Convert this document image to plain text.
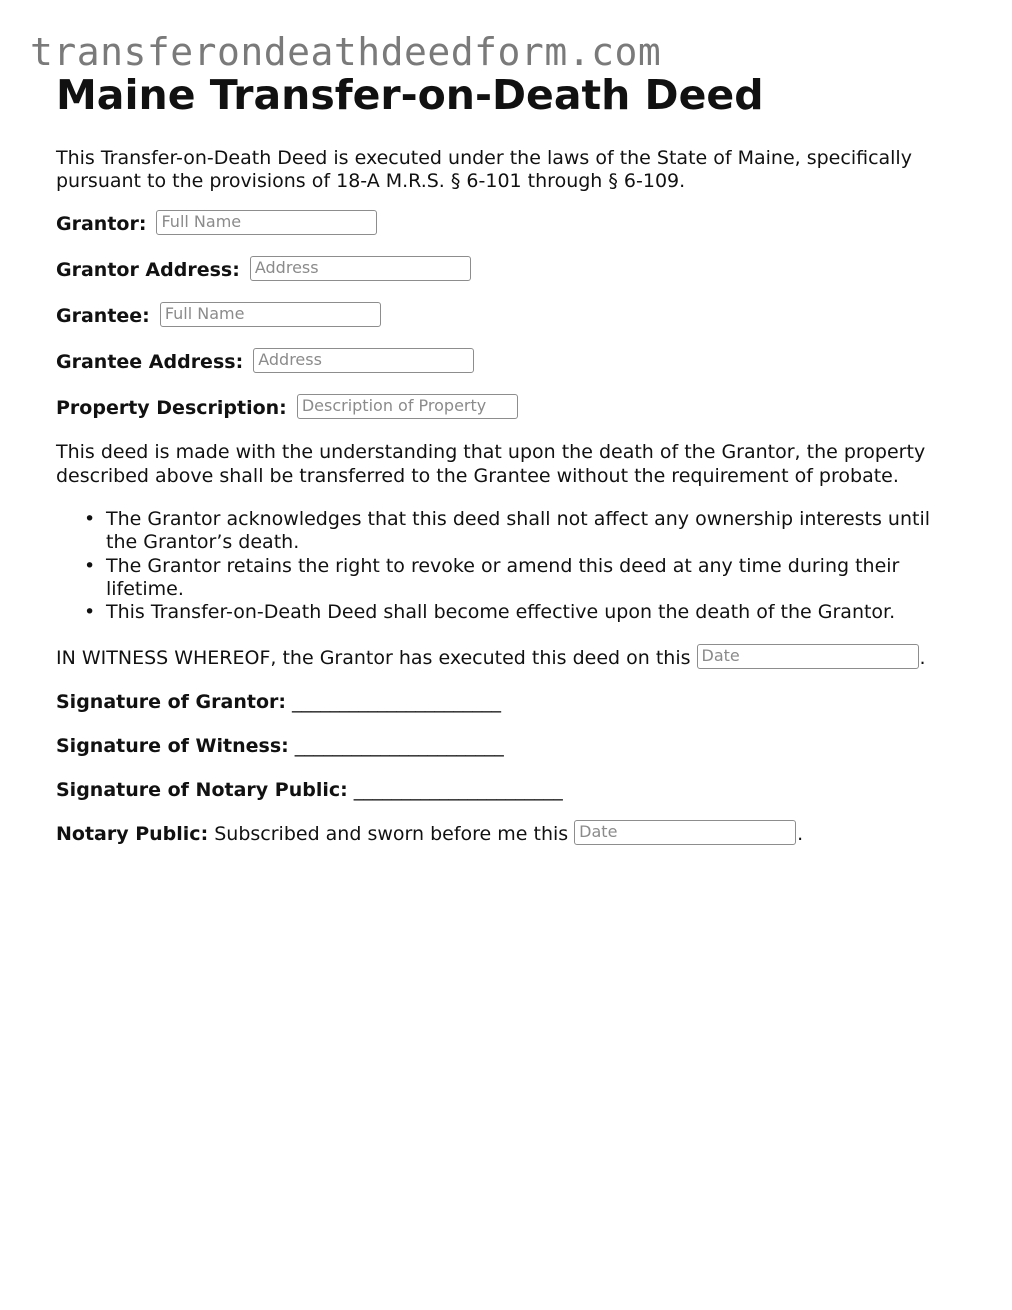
transferondeathdeedform.com
Maine Transfer-on-Death Deed

This Transfer-on-Death Deed is executed under the laws of the State of Maine, specifically pursuant to the provisions of 18-A M.R.S. § 6-101 through § 6-109.

Grantor: Full Name
Grantor Address: Address
Grantee: Full Name
Grantee Address: Address
Property Description: Description of Property

This deed is made with the understanding that upon the death of the Grantor, the property described above shall be transferred to the Grantee without the requirement of probate.

• The Grantor acknowledges that this deed shall not affect any ownership interests until the Grantor’s death.
• The Grantor retains the right to revoke or amend this deed at any time during their lifetime.
• This Transfer-on-Death Deed shall become effective upon the death of the Grantor.
IN WITNESS WHEREOF, the Grantor has executed this deed on this Date	.
Signature of Grantor: ______________________
Signature of Witness: ______________________
Signature of Notary Public: ______________________
Notary Public: Subscribed and sworn before me this Date	.
